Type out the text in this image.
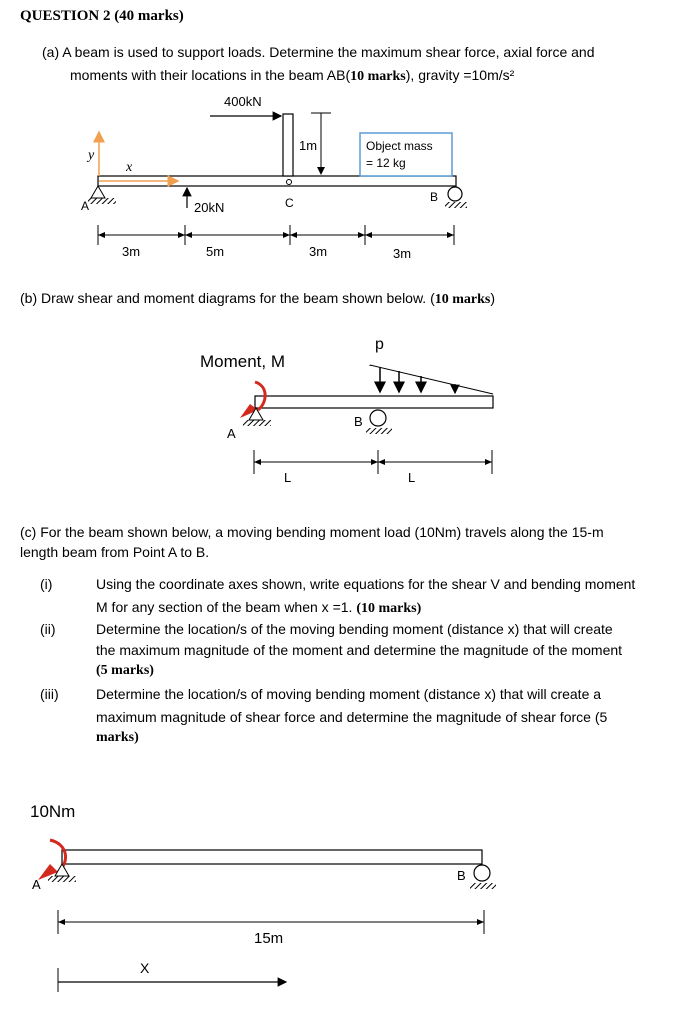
QUESTION 2 (40 marks)
(a) A beam is used to support loads. Determine the maximum shear force, axial force and
moments with their locations in the beam AB(10 marks), gravity =10m/s²
400kN
1m	Object mass
= 12 kg
y
x
A
B
C
20kN
3m	5m	3m	3m
(b) Draw shear and moment diagrams for the beam shown below. (10 marks)
Moment, M
p
A
B
L	L
(c) For the beam shown below, a moving bending moment load (10Nm) travels along the 15-m
length beam from Point A to B.
(i)	Using the coordinate axes shown, write equations for the shear V and bending moment
M for any section of the beam when x =1. (10 marks)
(ii)	Determine the location/s of the moving bending moment (distance x) that will create
the maximum magnitude of the moment and determine the magnitude of the moment
(5 marks)
(iii)	Determine the location/s of moving bending moment (distance x) that will create a
maximum magnitude of shear force and determine the magnitude of shear force (5
marks)
10Nm
A
B
15m
X
